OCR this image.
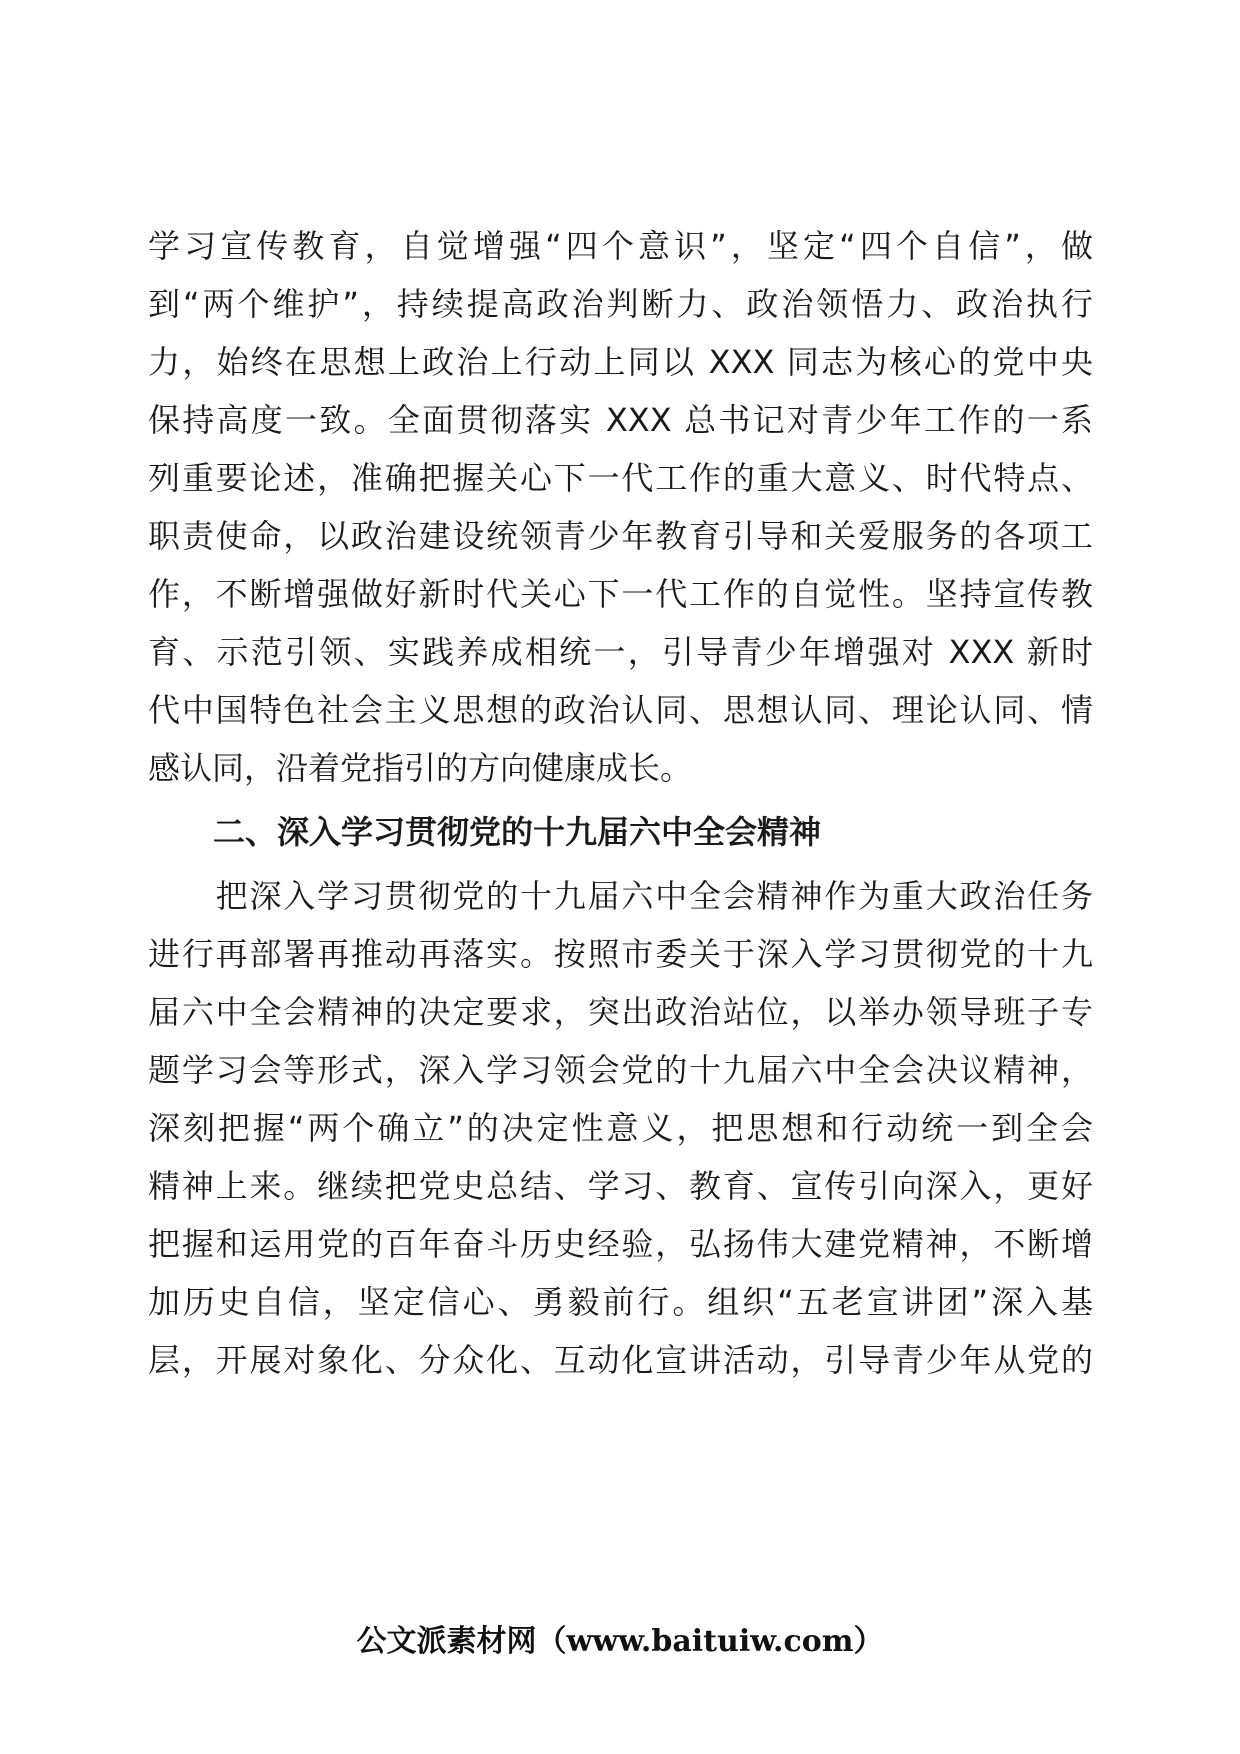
学习宣传教育，自觉增强“四个意识”，坚定“四个自信”，做
到“两个维护”，持续提高政治判断力、政治领悟力、政治执行
力，始终在思想上政治上行动上同以 XXX 同志为核心的党中央
保持高度一致。全面贯彻落实 XXX 总书记对青少年工作的一系
列重要论述，准确把握关心下一代工作的重大意义、时代特点、
职责使命，以政治建设统领青少年教育引导和关爱服务的各项工
作，不断增强做好新时代关心下一代工作的自觉性。坚持宣传教
育、示范引领、实践养成相统一，引导青少年增强对 XXX 新时
代中国特色社会主义思想的政治认同、思想认同、理论认同、情
感认同，沿着党指引的方向健康成长。
二、深入学习贯彻党的十九届六中全会精神
　　把深入学习贯彻党的十九届六中全会精神作为重大政治任务
进行再部署再推动再落实。按照市委关于深入学习贯彻党的十九
届六中全会精神的决定要求，突出政治站位，以举办领导班子专
题学习会等形式，深入学习领会党的十九届六中全会决议精神，
深刻把握“两个确立”的决定性意义，把思想和行动统一到全会
精神上来。继续把党史总结、学习、教育、宣传引向深入，更好
把握和运用党的百年奋斗历史经验，弘扬伟大建党精神，不断增
加历史自信，坚定信心、勇毅前行。组织“五老宣讲团”深入基
层，开展对象化、分众化、互动化宣讲活动，引导青少年从党的
公文派素材网（www.baituiw.com）
